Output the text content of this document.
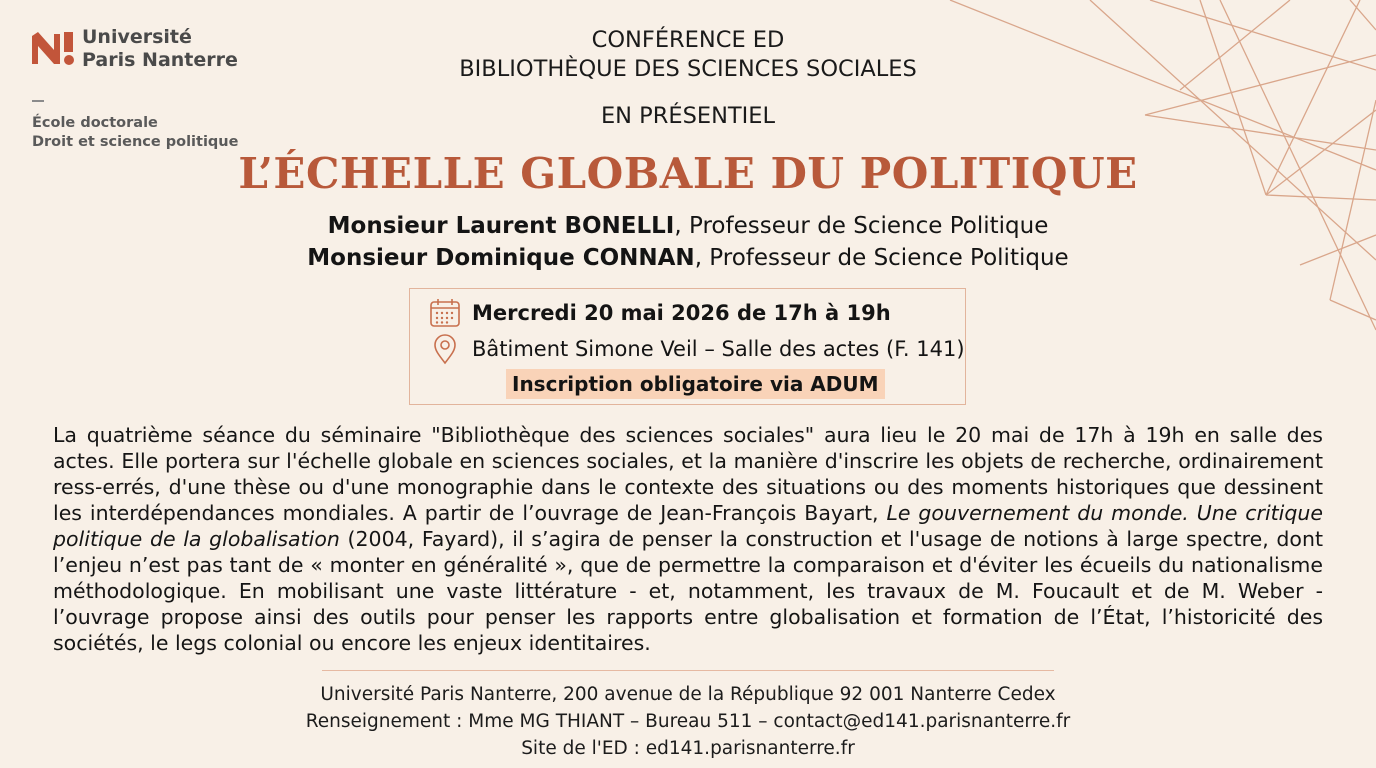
Université
Paris Nanterre
École doctorale
Droit et science politique
CONFÉRENCE ED
BIBLIOTHÈQUE DES SCIENCES SOCIALES
EN PRÉSENTIEL
L’ÉCHELLE GLOBALE DU POLITIQUE
Monsieur Laurent BONELLI, Professeur de Science Politique
Monsieur Dominique CONNAN, Professeur de Science Politique
Mercredi 20 mai 2026 de 17h à 19h
Bâtiment Simone Veil – Salle des actes (F. 141)
Inscription obligatoire via ADUM
La quatrième séance du séminaire "Bibliothèque des sciences sociales" aura lieu le 20 mai de 17h à 19h en salle des actes. Elle portera sur l'échelle globale en sciences sociales, et la manière d'inscrire les objets de recherche, ordinairement ress-errés, d'une thèse ou d'une monographie dans le contexte des situations ou des moments historiques que dessinent les interdépendances mondiales. A partir de l’ouvrage de Jean-François Bayart, Le gouvernement du monde. Une critique politique de la globalisation (2004, Fayard), il s’agira de penser la construction et l'usage de notions à large spectre, dont l’enjeu n’est pas tant de « monter en généralité », que de permettre la comparaison et d'éviter les écueils du nationalisme méthodologique. En mobilisant une vaste littérature - et, notamment, les travaux de M. Foucault et de M. Weber - l’ouvrage propose ainsi des outils pour penser les rapports entre globalisation et formation de l’État, l’historicité des sociétés, le legs colonial ou encore les enjeux identitaires.
Université Paris Nanterre, 200 avenue de la République 92 001 Nanterre Cedex
Renseignement : Mme MG THIANT – Bureau 511 – contact@ed141.parisnanterre.fr
Site de l'ED : ed141.parisnanterre.fr
